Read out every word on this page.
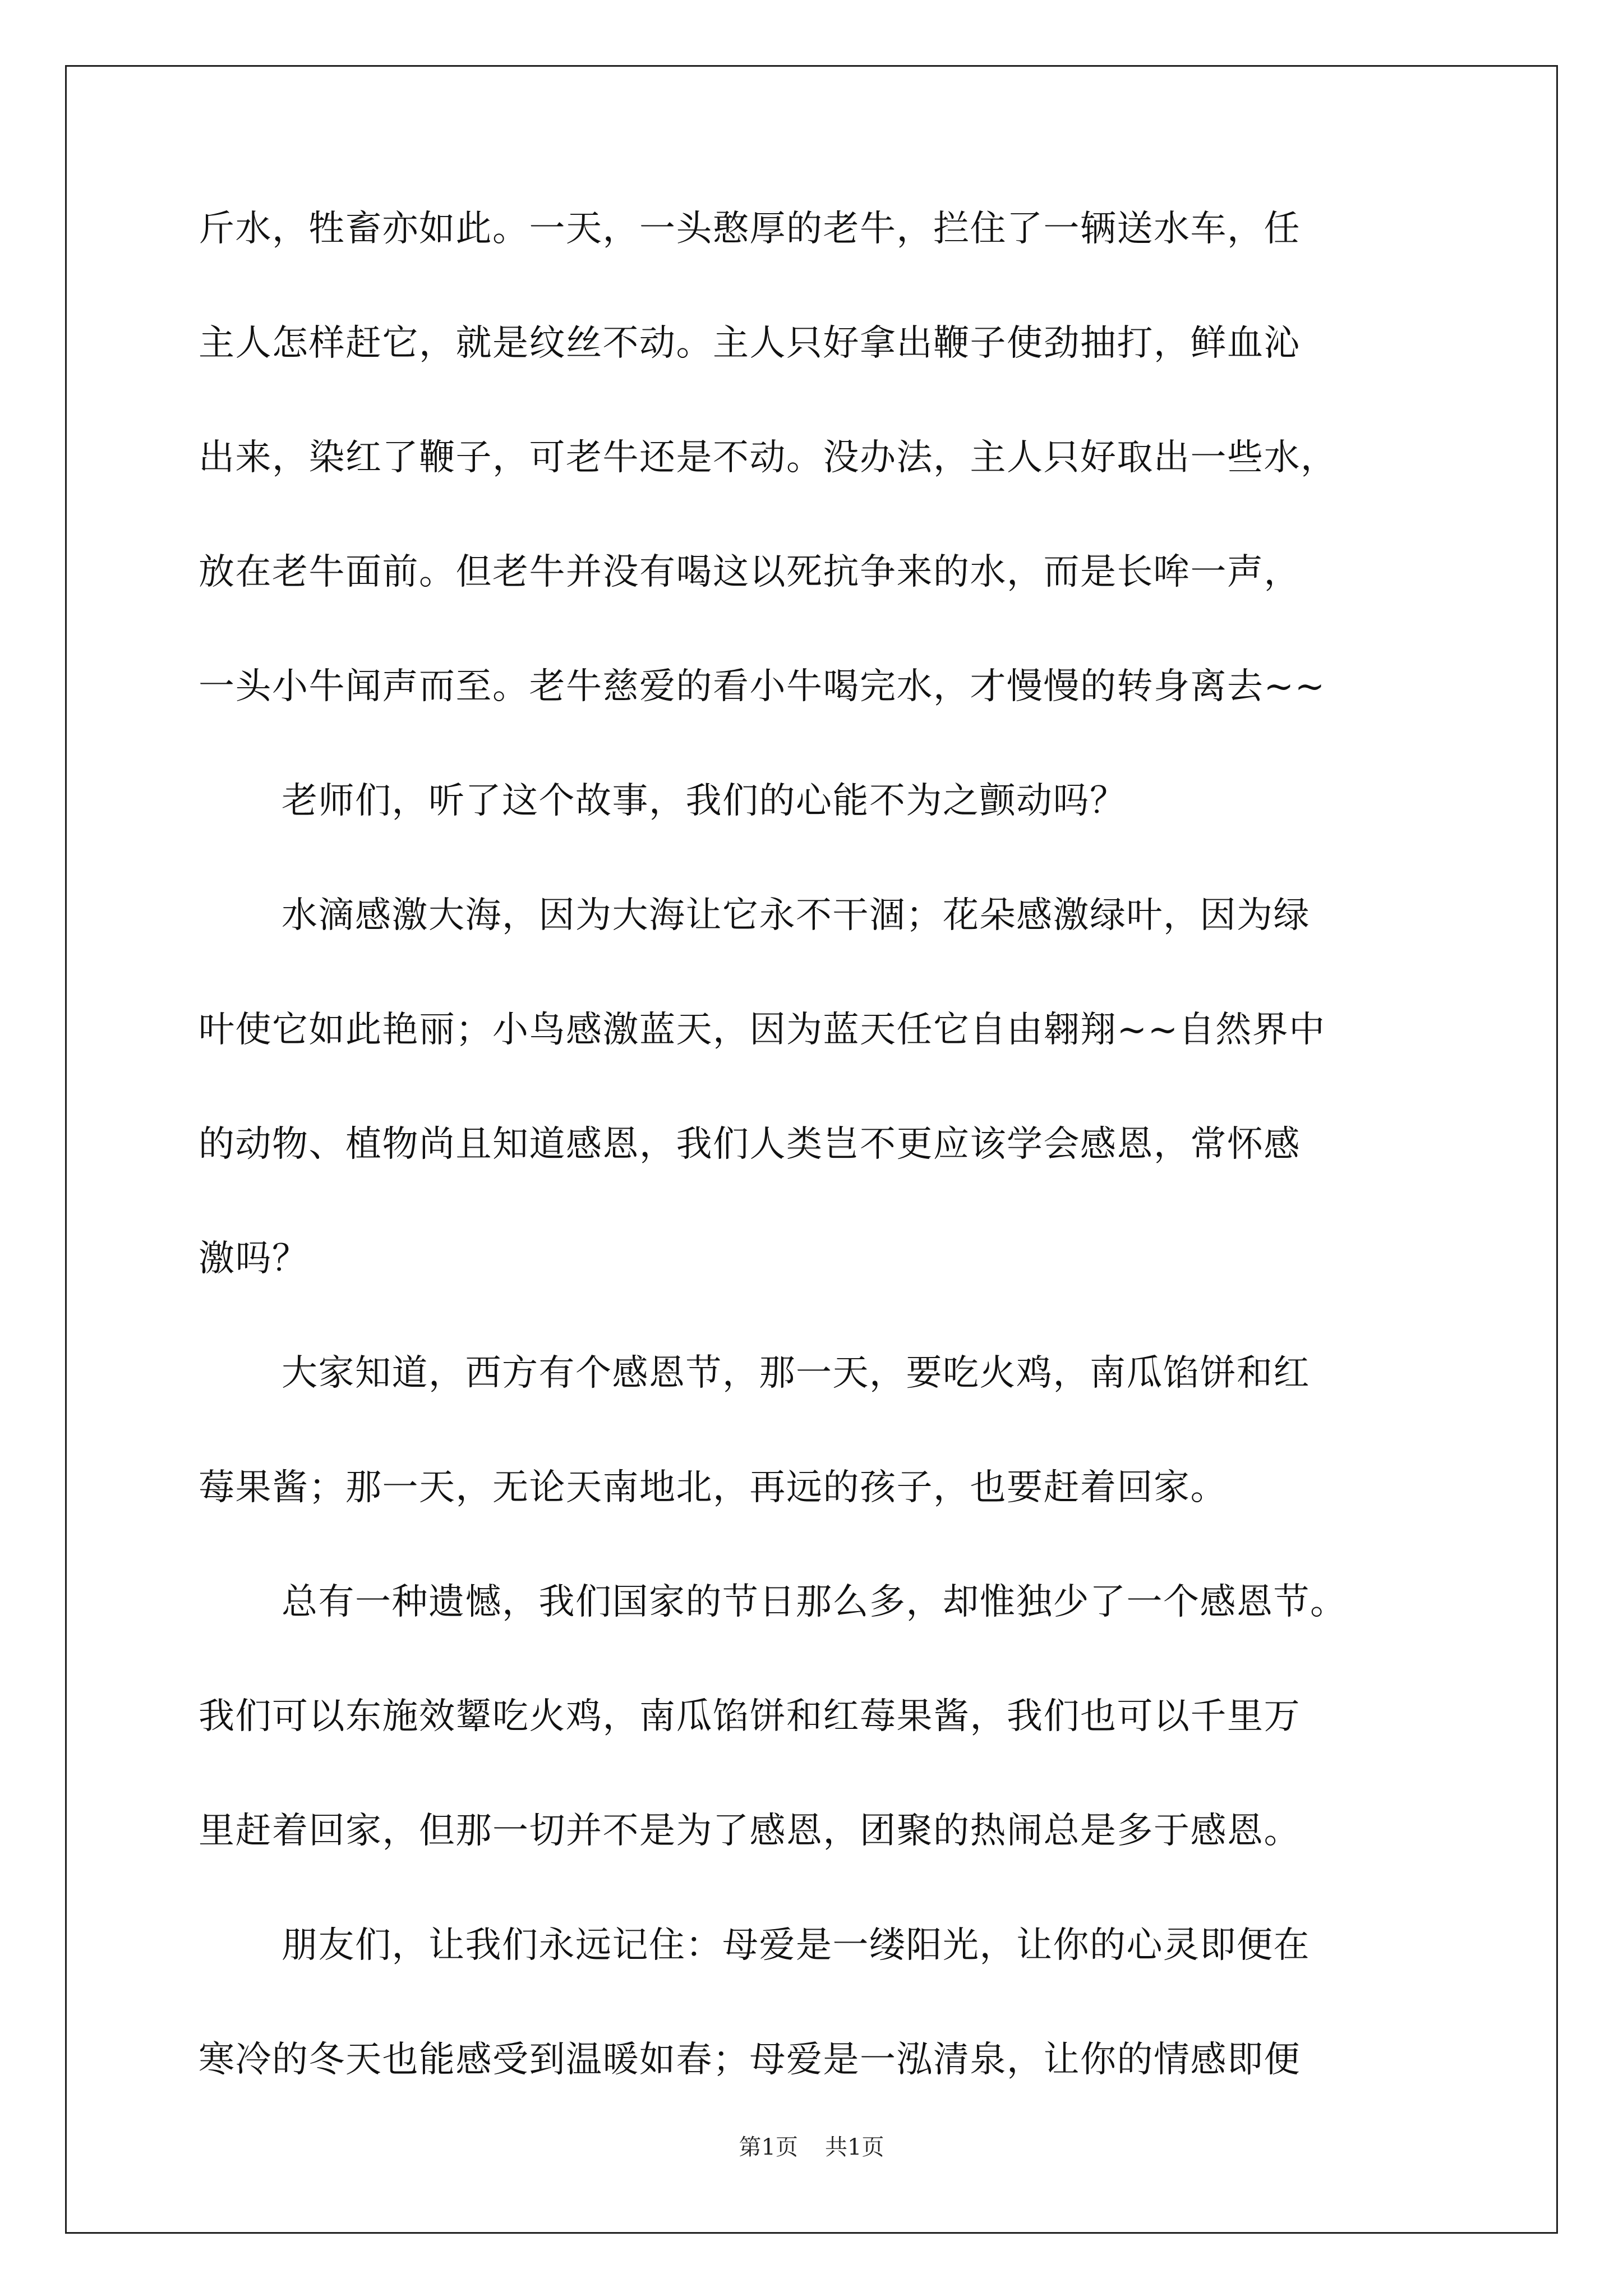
斤水，牲畜亦如此。一天，一头憨厚的老牛，拦住了一辆送水车，任
主人怎样赶它，就是纹丝不动。主人只好拿出鞭子使劲抽打，鲜血沁
出来，染红了鞭子，可老牛还是不动。没办法，主人只好取出一些水，
放在老牛面前。但老牛并没有喝这以死抗争来的水，而是长哞一声，
一头小牛闻声而至。老牛慈爱的看小牛喝完水，才慢慢的转身离去~~
老师们，听了这个故事，我们的心能不为之颤动吗？
水滴感激大海，因为大海让它永不干涸；花朵感激绿叶，因为绿
叶使它如此艳丽；小鸟感激蓝天，因为蓝天任它自由翱翔~~自然界中
的动物、植物尚且知道感恩，我们人类岂不更应该学会感恩，常怀感
激吗？
大家知道，西方有个感恩节，那一天，要吃火鸡，南瓜馅饼和红
莓果酱；那一天，无论天南地北，再远的孩子，也要赶着回家。
总有一种遗憾，我们国家的节日那么多，却惟独少了一个感恩节。
我们可以东施效颦吃火鸡，南瓜馅饼和红莓果酱，我们也可以千里万
里赶着回家，但那一切并不是为了感恩，团聚的热闹总是多于感恩。
朋友们，让我们永远记住：母爱是一缕阳光，让你的心灵即便在
寒冷的冬天也能感受到温暖如春；母爱是一泓清泉，让你的情感即便
第1页 共1页
